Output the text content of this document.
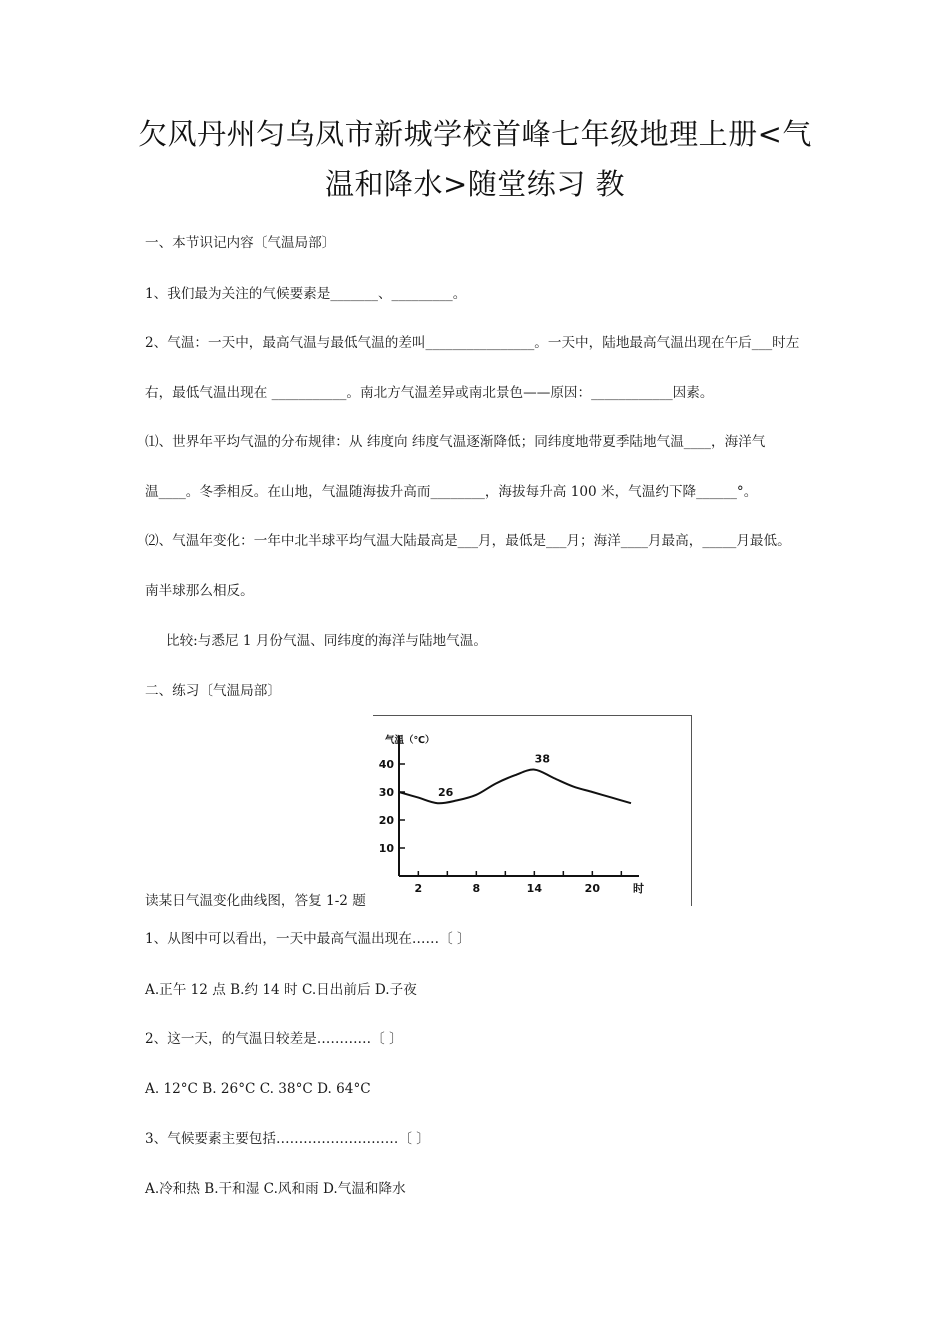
欠风丹州匀乌凤市新城学校首峰七年级地理上册<气
温和降水>随堂练习 教
一、本节识记内容〔气温局部〕
1、我们最为关注的气候要素是_______、_________。
2、气温：一天中，最高气温与最低气温的差叫________________。一天中，陆地最高气温出现在午后___时左
右，最低气温出现在 ___________。南北方气温差异或南北景色——原因：____________因素。
⑴、世界年平均气温的分布规律：从 纬度向 纬度气温逐渐降低；同纬度地带夏季陆地气温____，海洋气
温____。冬季相反。在山地，气温随海拔升高而________，海拔每升高 100 米，气温约下降______°。
⑵、气温年变化：一年中北半球平均气温大陆最高是___月，最低是___月；海洋____月最高，_____月最低。
南半球那么相反。
比较:与悉尼 1 月份气温、同纬度的海洋与陆地气温。
二、练习〔气温局部〕
10
20
30
40
2	8	14	20
气温（℃）
时
26
38
读某日气温变化曲线图，答复 1-2 题
1、从图中可以看出，一天中最高气温出现在……〔 〕
A.正午 12 点 B.约 14 时 C.日出前后 D.子夜
2、这一天，的气温日较差是…………〔 〕
A. 12°C B. 26°C C. 38°C D. 64°C
3、气候要素主要包括………………………〔 〕
A.冷和热 B.干和湿 C.风和雨 D.气温和降水
